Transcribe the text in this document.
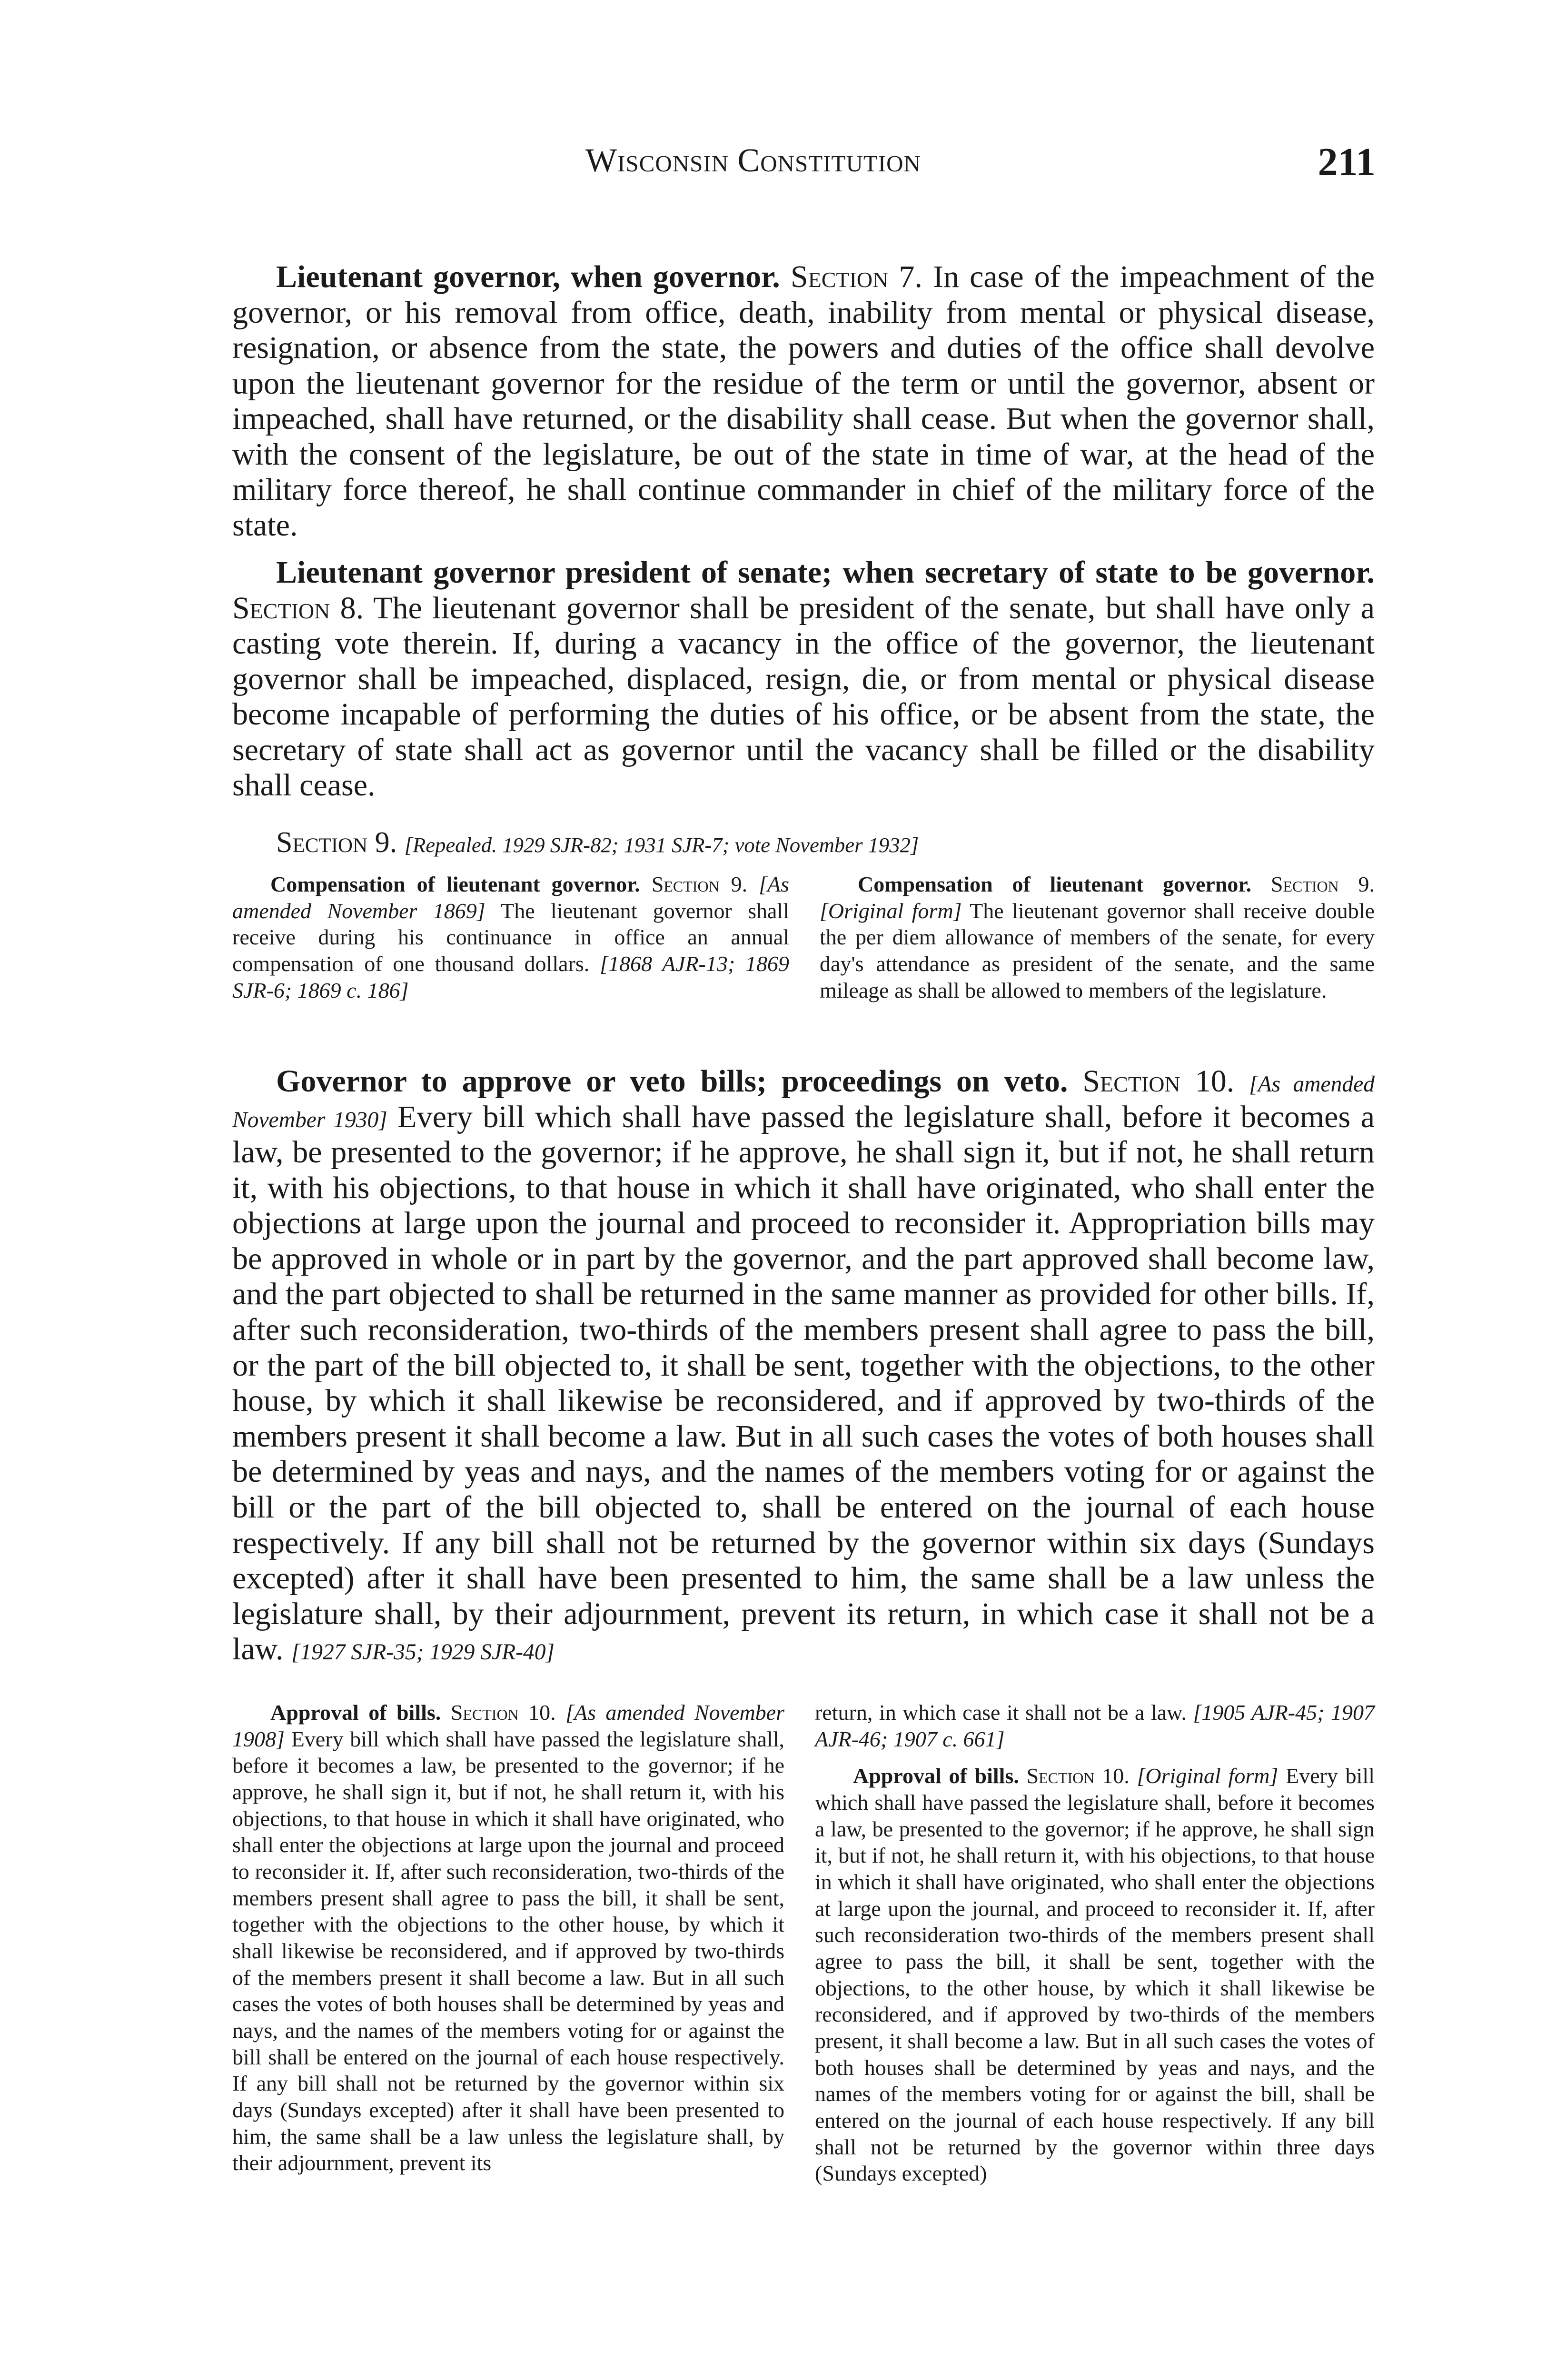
Wisconsin Constitution	211

Lieutenant governor, when governor. Section 7. In case of the impeachment of the governor, or his removal from office, death, inability from mental or physical disease, resignation, or absence from the state, the powers and duties of the office shall devolve upon the lieutenant governor for the residue of the term or until the governor, absent or impeached, shall have returned, or the disability shall cease. But when the governor shall, with the consent of the legislature, be out of the state in time of war, at the head of the military force thereof, he shall continue commander in chief of the military force of the state.

Lieutenant governor president of senate; when secretary of state to be governor. Section 8. The lieutenant governor shall be president of the senate, but shall have only a casting vote therein. If, during a vacancy in the office of the governor, the lieutenant governor shall be impeached, displaced, resign, die, or from mental or physical disease become incapable of performing the duties of his office, or be absent from the state, the secretary of state shall act as governor until the vacancy shall be filled or the disability shall cease.

Section 9. [Repealed. 1929 SJR-82; 1931 SJR-7; vote November 1932]

Compensation of lieutenant governor. Section 9. [As amended November 1869] The lieutenant governor shall receive during his continuance in office an annual compensation of one thousand dollars. [1868 AJR-13; 1869 SJR-6; 1869 c. 186]

Compensation of lieutenant governor. Section 9. [Original form] The lieutenant governor shall receive double the per diem allowance of members of the senate, for every day's attendance as president of the senate, and the same mileage as shall be allowed to members of the legislature.

Governor to approve or veto bills; proceedings on veto. Section 10. [As amended November 1930] Every bill which shall have passed the legislature shall, before it becomes a law, be presented to the governor; if he approve, he shall sign it, but if not, he shall return it, with his objections, to that house in which it shall have originated, who shall enter the objections at large upon the journal and proceed to reconsider it. Appropriation bills may be approved in whole or in part by the governor, and the part approved shall become law, and the part objected to shall be returned in the same manner as provided for other bills. If, after such reconsideration, two-thirds of the members present shall agree to pass the bill, or the part of the bill objected to, it shall be sent, together with the objections, to the other house, by which it shall likewise be reconsidered, and if approved by two-thirds of the members present it shall become a law. But in all such cases the votes of both houses shall be determined by yeas and nays, and the names of the members voting for or against the bill or the part of the bill objected to, shall be entered on the journal of each house respectively. If any bill shall not be returned by the governor within six days (Sundays excepted) after it shall have been presented to him, the same shall be a law unless the legislature shall, by their adjournment, prevent its return, in which case it shall not be a law. [1927 SJR-35; 1929 SJR-40]

Approval of bills. Section 10. [As amended November 1908] Every bill which shall have passed the legislature shall, before it becomes a law, be presented to the governor; if he approve, he shall sign it, but if not, he shall return it, with his objections, to that house in which it shall have originated, who shall enter the objections at large upon the journal and proceed to reconsider it. If, after such reconsideration, two-thirds of the members present shall agree to pass the bill, it shall be sent, together with the objections to the other house, by which it shall likewise be reconsidered, and if approved by two-thirds of the members present it shall become a law. But in all such cases the votes of both houses shall be determined by yeas and nays, and the names of the members voting for or against the bill shall be entered on the journal of each house respectively. If any bill shall not be returned by the governor within six days (Sundays excepted) after it shall have been presented to him, the same shall be a law unless the legislature shall, by their adjournment, prevent its

return, in which case it shall not be a law. [1905 AJR-45; 1907 AJR-46; 1907 c. 661]

Approval of bills. Section 10. [Original form] Every bill which shall have passed the legislature shall, before it becomes a law, be presented to the governor; if he approve, he shall sign it, but if not, he shall return it, with his objections, to that house in which it shall have originated, who shall enter the objections at large upon the journal, and proceed to reconsider it. If, after such reconsideration two-thirds of the members present shall agree to pass the bill, it shall be sent, together with the objections, to the other house, by which it shall likewise be reconsidered, and if approved by two-thirds of the members present, it shall become a law. But in all such cases the votes of both houses shall be determined by yeas and nays, and the names of the members voting for or against the bill, shall be entered on the journal of each house respectively. If any bill shall not be returned by the governor within three days (Sundays excepted)
